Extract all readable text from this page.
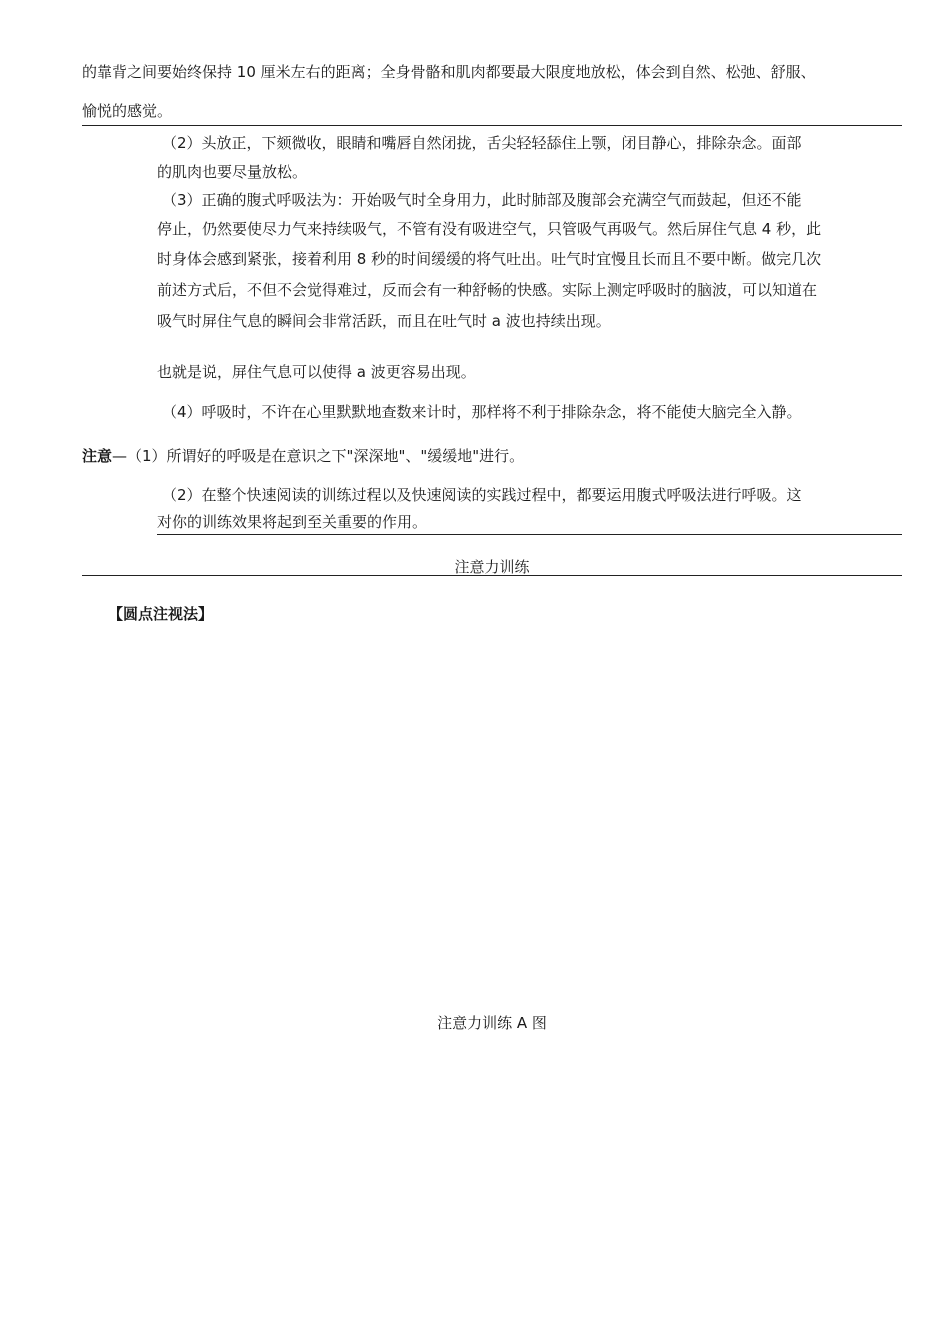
的靠背之间要始终保持 10 厘米左右的距离；全身骨骼和肌肉都要最大限度地放松，体会到自然、松弛、舒服、
愉悦的感觉。
（2）头放正，下颏微收，眼睛和嘴唇自然闭拢，舌尖轻轻舔住上颚，闭目静心，排除杂念。面部
的肌肉也要尽量放松。
（3）正确的腹式呼吸法为：开始吸气时全身用力，此时肺部及腹部会充满空气而鼓起，但还不能
停止，仍然要使尽力气来持续吸气，不管有没有吸进空气，只管吸气再吸气。然后屏住气息 4 秒，此
时身体会感到紧张，接着利用 8 秒的时间缓缓的将气吐出。吐气时宜慢且长而且不要中断。做完几次
前述方式后，不但不会觉得难过，反而会有一种舒畅的快感。实际上测定呼吸时的脑波，可以知道在
吸气时屏住气息的瞬间会非常活跃，而且在吐气时 a 波也持续出现。
也就是说，屏住气息可以使得 a 波更容易出现。
（4）呼吸时，不许在心里默默地查数来计时，那样将不利于排除杂念，将不能使大脑完全入静。
注意—（1）所谓好的呼吸是在意识之下"深深地"、"缓缓地"进行。
（2）在整个快速阅读的训练过程以及快速阅读的实践过程中，都要运用腹式呼吸法进行呼吸。这
对你的训练效果将起到至关重要的作用。
注意力训练
【圆点注视法】
注意力训练 A 图
